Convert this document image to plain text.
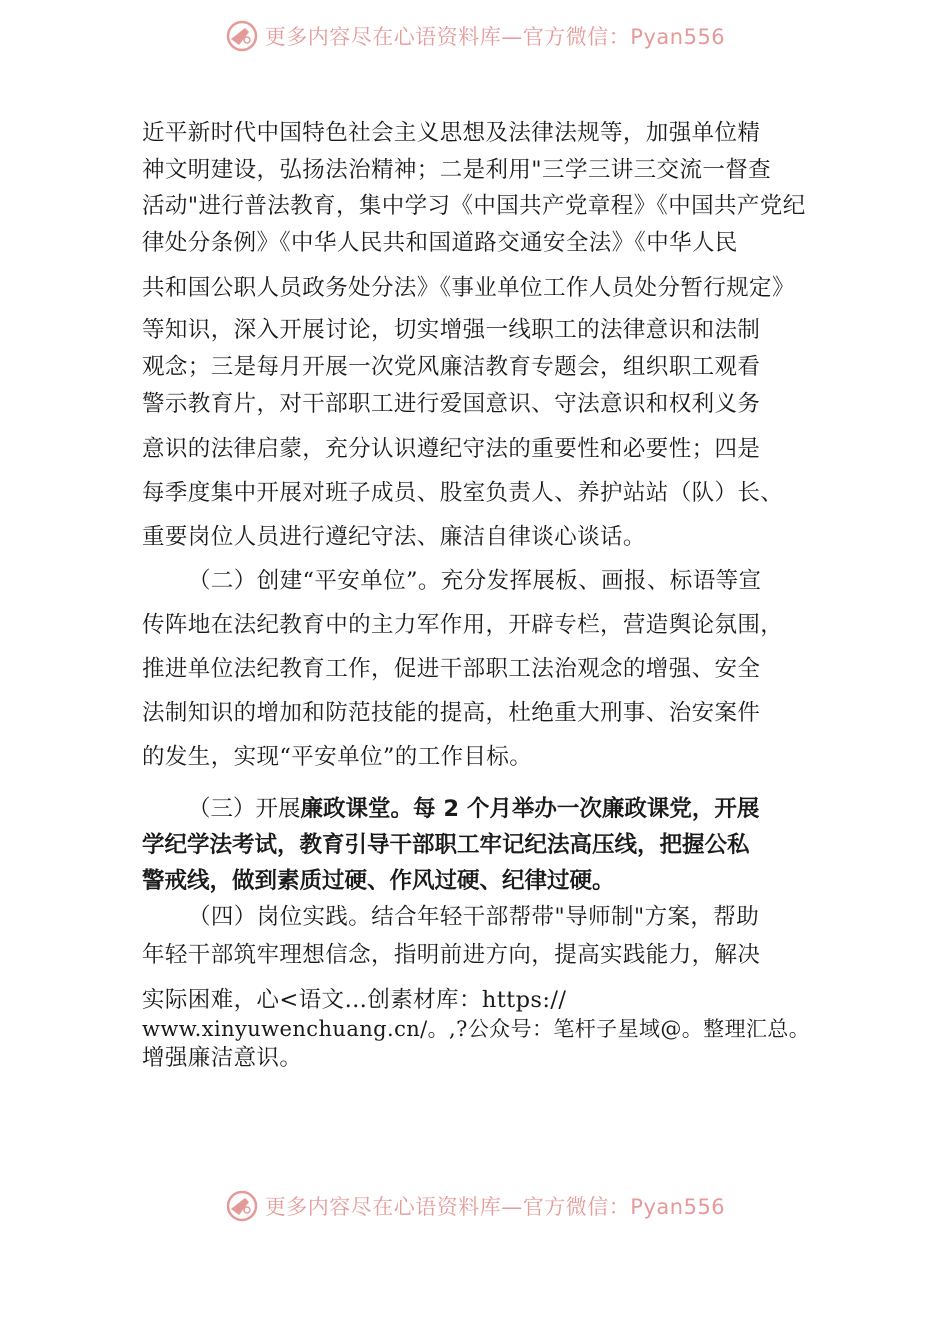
更多内容尽在心语资料库—官方微信：Pyan556
近平新时代中国特色社会主义思想及法律法规等，加强单位精
神文明建设，弘扬法治精神；二是利用"三学三讲三交流一督查
活动"进行普法教育，集中学习《中国共产党章程》《中国共产党纪
律处分条例》《中华人民共和国道路交通安全法》《中华人民
共和国公职人员政务处分法》《事业单位工作人员处分暂行规定》
等知识，深入开展讨论，切实增强一线职工的法律意识和法制
观念；三是每月开展一次党风廉洁教育专题会，组织职工观看
警示教育片，对干部职工进行爱国意识、守法意识和权利义务
意识的法律启蒙，充分认识遵纪守法的重要性和必要性；四是
每季度集中开展对班子成员、股室负责人、养护站站（队）长、
重要岗位人员进行遵纪守法、廉洁自律谈心谈话。
（二）创建“平安单位”。充分发挥展板、画报、标语等宣
传阵地在法纪教育中的主力军作用，开辟专栏，营造舆论氛围，
推进单位法纪教育工作，促进干部职工法治观念的增强、安全
法制知识的增加和防范技能的提高，杜绝重大刑事、治安案件
的发生，实现“平安单位”的工作目标。
（三）开展廉政课堂。每 2 个月举办一次廉政课党，开展
学纪学法考试，教育引导干部职工牢记纪法高压线，把握公私
警戒线，做到素质过硬、作风过硬、纪律过硬。
（四）岗位实践。结合年轻干部帮带"导师制"方案，帮助
年轻干部筑牢理想信念，指明前进方向，提高实践能力，解决
实际困难，心<语文…创素材库：https://
www.xinyuwenchuang.cn/。,?公众号：笔杆子星域@。整理汇总。
增强廉洁意识。
更多内容尽在心语资料库—官方微信：Pyan556
